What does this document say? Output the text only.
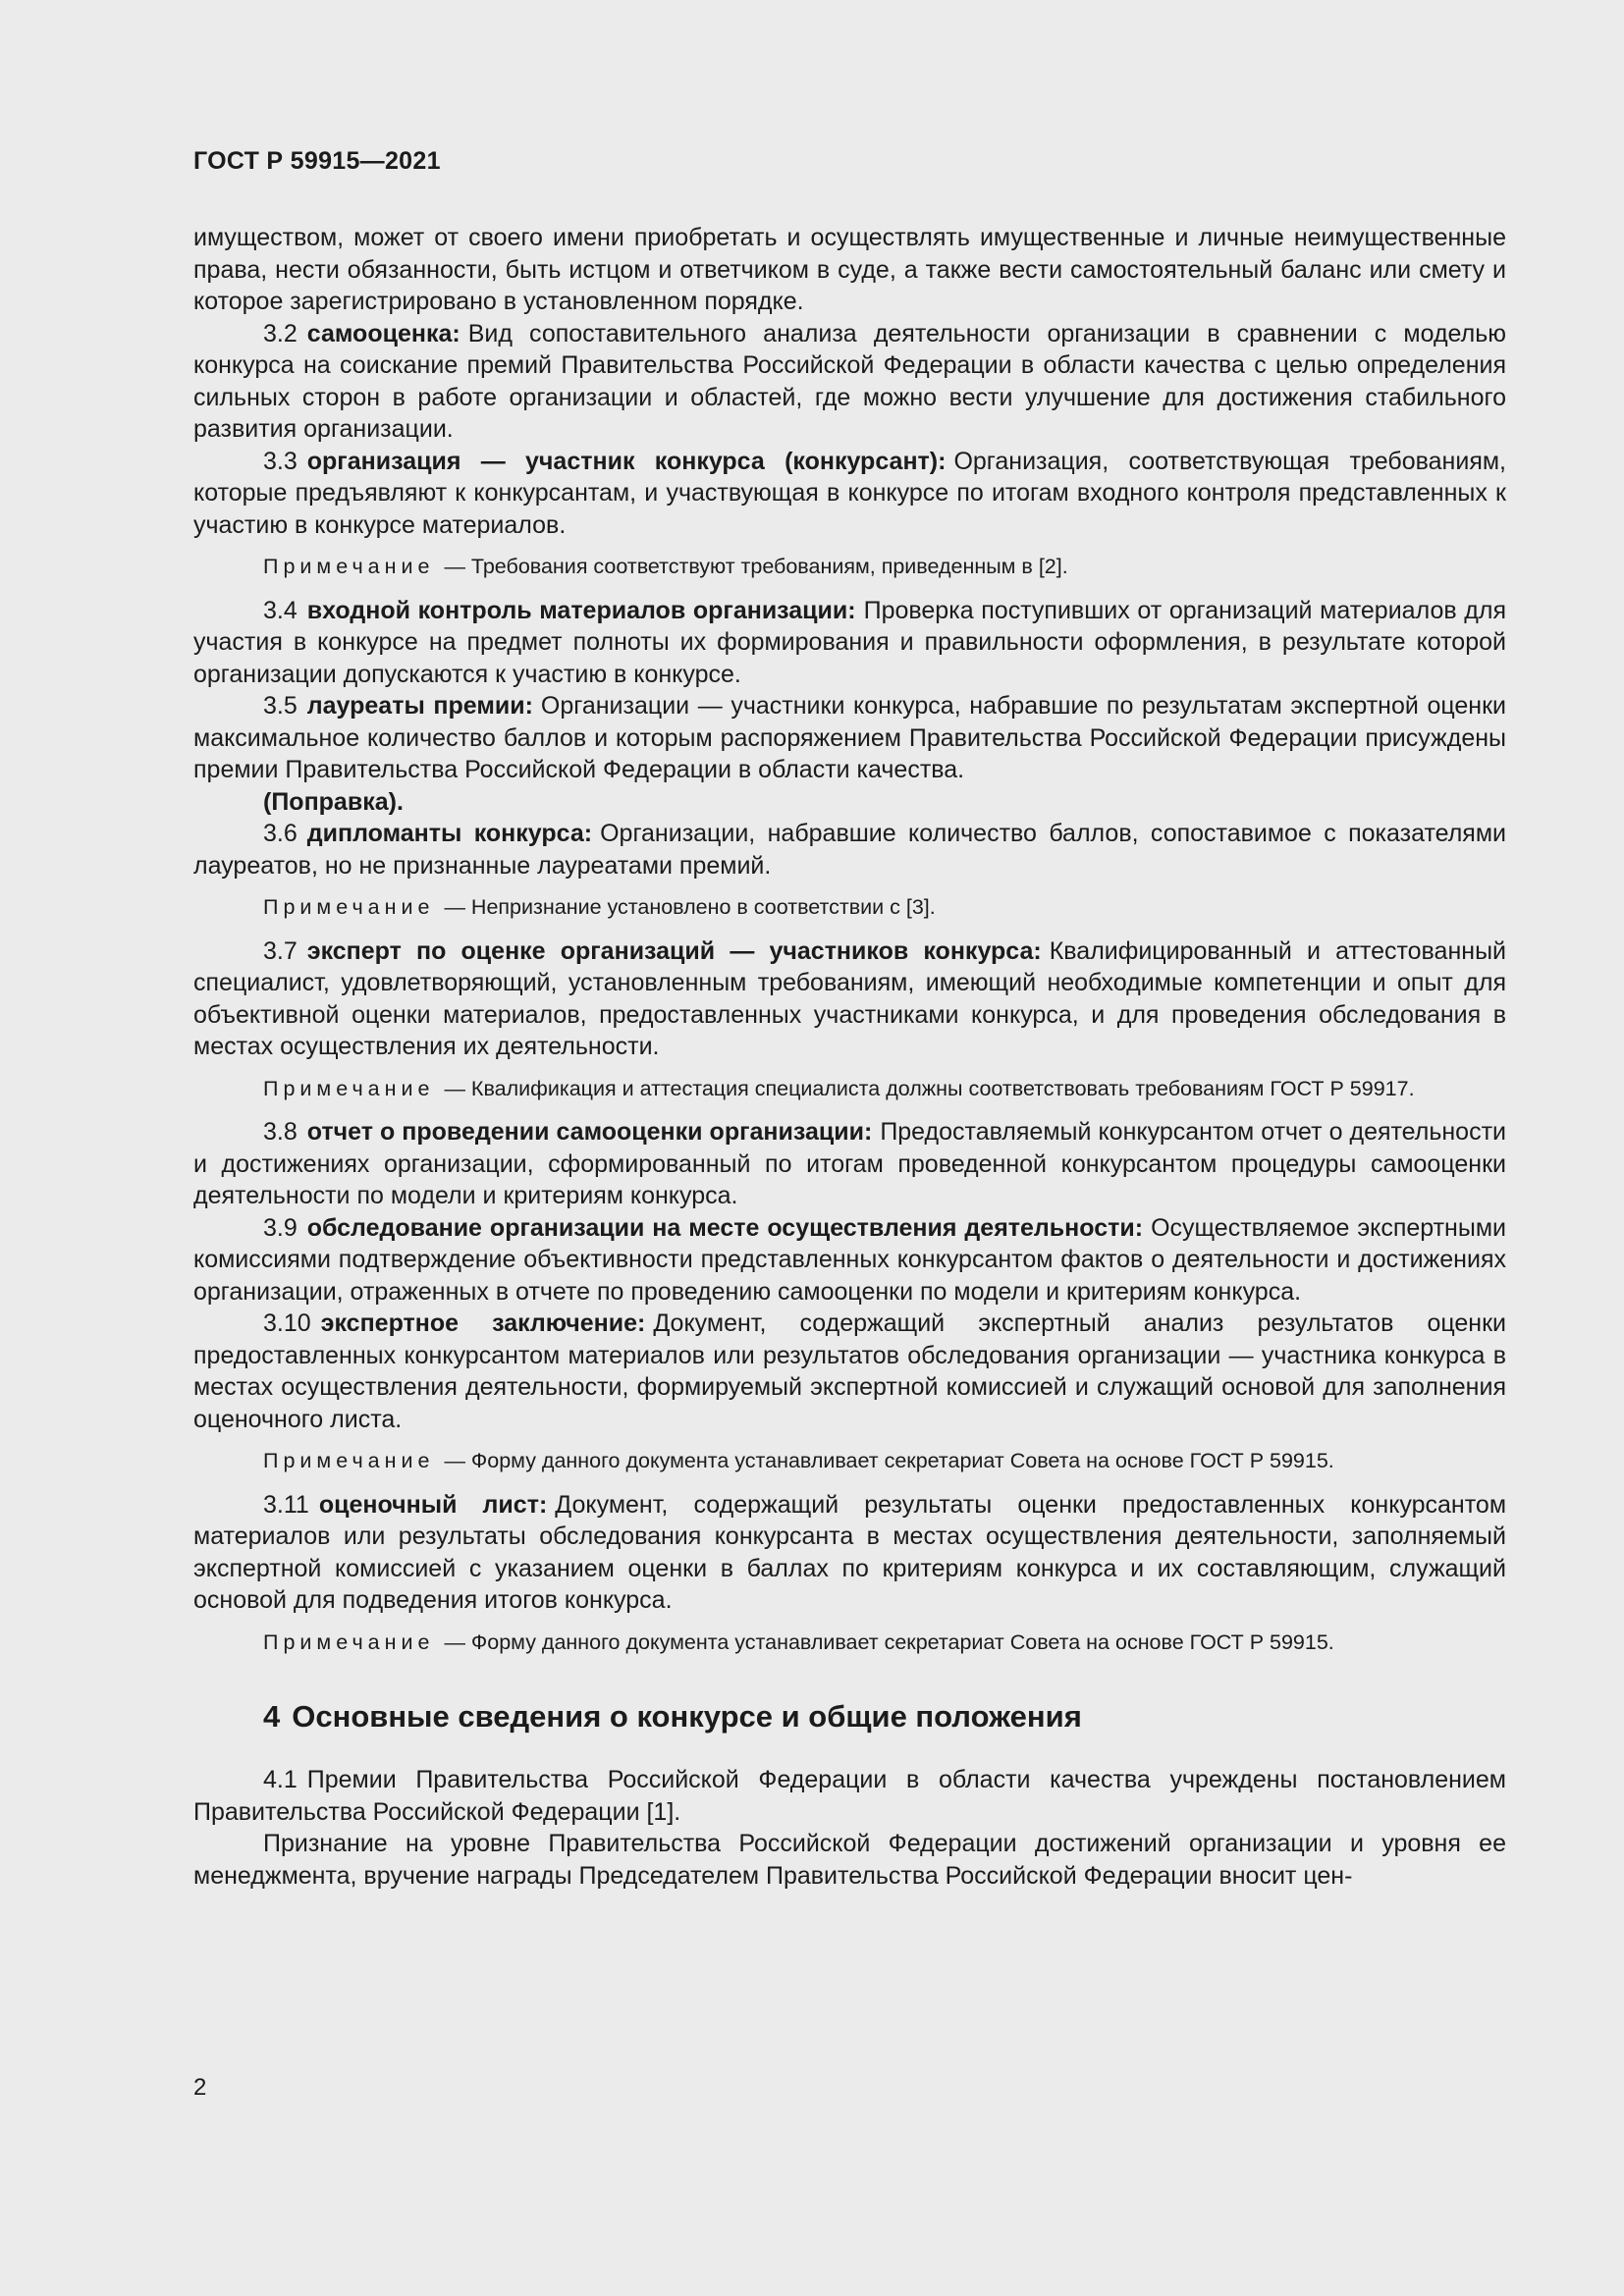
ГОСТ Р 59915—2021

имуществом, может от своего имени приобретать и осуществлять имущественные и личные неимущественные права, нести обязанности, быть истцом и ответчиком в суде, а также вести самостоятельный баланс или смету и которое зарегистрировано в установленном порядке.

3.2 самооценка: Вид сопоставительного анализа деятельности организации в сравнении с моделью конкурса на соискание премий Правительства Российской Федерации в области качества с целью определения сильных сторон в работе организации и областей, где можно вести улучшение для достижения стабильного развития организации.

3.3 организация — участник конкурса (конкурсант): Организация, соответствующая требованиям, которые предъявляют к конкурсантам, и участвующая в конкурсе по итогам входного контроля представленных к участию в конкурсе материалов.

Примечание — Требования соответствуют требованиям, приведенным в [2].

3.4 входной контроль материалов организации: Проверка поступивших от организаций материалов для участия в конкурсе на предмет полноты их формирования и правильности оформления, в результате которой организации допускаются к участию в конкурсе.

3.5 лауреаты премии: Организации — участники конкурса, набравшие по результатам экспертной оценки максимальное количество баллов и которым распоряжением Правительства Российской Федерации присуждены премии Правительства Российской Федерации в области качества.

(Поправка).

3.6 дипломанты конкурса: Организации, набравшие количество баллов, сопоставимое с показателями лауреатов, но не признанные лауреатами премий.

Примечание — Непризнание установлено в соответствии с [3].

3.7 эксперт по оценке организаций — участников конкурса: Квалифицированный и аттестованный специалист, удовлетворяющий, установленным требованиям, имеющий необходимые компетенции и опыт для объективной оценки материалов, предоставленных участниками конкурса, и для проведения обследования в местах осуществления их деятельности.

Примечание — Квалификация и аттестация специалиста должны соответствовать требованиям ГОСТ Р 59917.

3.8 отчет о проведении самооценки организации: Предоставляемый конкурсантом отчет о деятельности и достижениях организации, сформированный по итогам проведенной конкурсантом процедуры самооценки деятельности по модели и критериям конкурса.

3.9 обследование организации на месте осуществления деятельности: Осуществляемое экспертными комиссиями подтверждение объективности представленных конкурсантом фактов о деятельности и достижениях организации, отраженных в отчете по проведению самооценки по модели и критериям конкурса.

3.10 экспертное заключение: Документ, содержащий экспертный анализ результатов оценки предоставленных конкурсантом материалов или результатов обследования организации — участника конкурса в местах осуществления деятельности, формируемый экспертной комиссией и служащий основой для заполнения оценочного листа.

Примечание — Форму данного документа устанавливает секретариат Совета на основе ГОСТ Р 59915.

3.11 оценочный лист: Документ, содержащий результаты оценки предоставленных конкурсантом материалов или результаты обследования конкурсанта в местах осуществления деятельности, заполняемый экспертной комиссией с указанием оценки в баллах по критериям конкурса и их составляющим, служащий основой для подведения итогов конкурса.

Примечание — Форму данного документа устанавливает секретариат Совета на основе ГОСТ Р 59915.

4 Основные сведения о конкурсе и общие положения

4.1 Премии Правительства Российской Федерации в области качества учреждены постановлением Правительства Российской Федерации [1].

Признание на уровне Правительства Российской Федерации достижений организации и уровня ее менеджмента, вручение награды Председателем Правительства Российской Федерации вносит цен-

2
